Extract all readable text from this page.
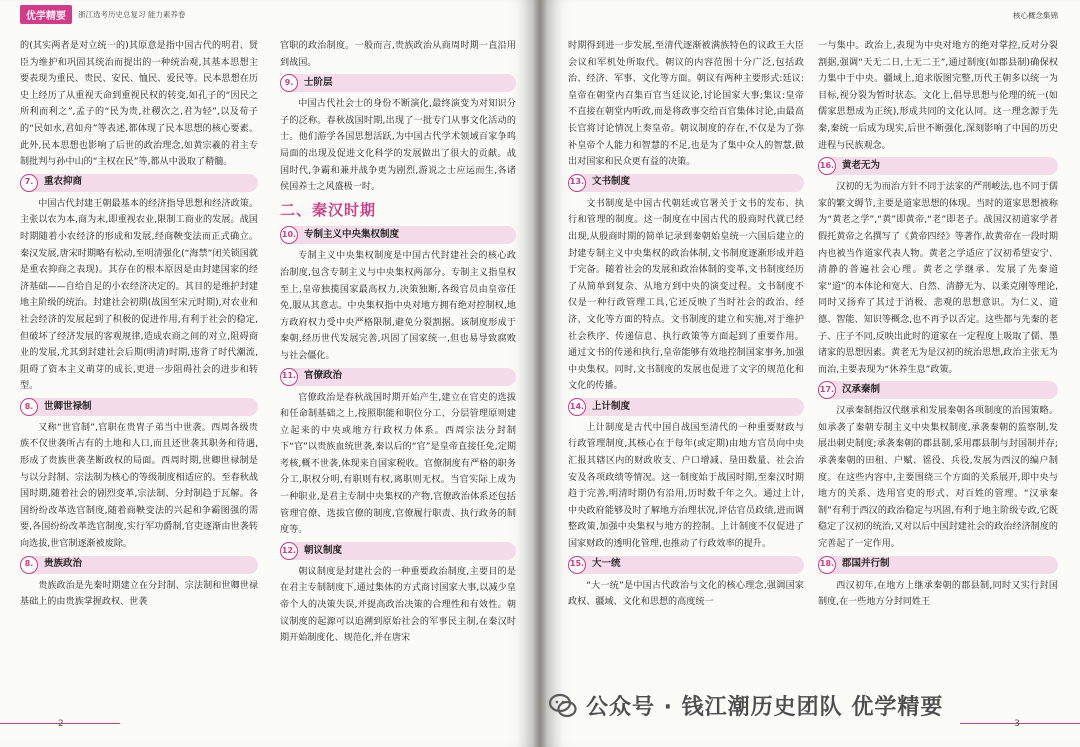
优学精要	浙江选考历史总复习 能力素养卷

的(其实两者是对立统一的)其原意是指中国古代的明君、贤臣为维护和巩固其统治而提出的一种统治观,其基本思想主要表现为重民、贵民、安民、恤民、爱民等。民本思想在历史上经历了从重视天命到重视民权的转变,如孔子的“因民之所利而利之”,孟子的“民为贵,社稷次之,君为轻”,以及荀子的“民如水,君如舟”等表述,都体现了民本思想的核心要素。此外,民本思想也影响了后世的政治理念,如黄宗羲的君主专制批判与孙中山的“主权在民”等,都从中汲取了精髓。

7.	重农抑商

中国古代封建王朝最基本的经济指导思想和经济政策。主张以农为本,商为末,即重视农业,限制工商业的发展。战国时期随着小农经济的形成和发展,经商鞅变法而正式确立。秦汉发展,唐宋时期略有松动,至明清强化(“海禁”闭关锁国就是重农抑商之表现)。其存在的根本原因是由封建国家的经济基础——自给自足的小农经济决定的。其目的是维护封建地主阶级的统治。封建社会初期(战国至宋元时期),对农业和社会经济的发展起到了积极的促进作用,有利于社会的稳定,但破坏了经济发展的客观规律,造成农商之间的对立,阻碍商业的发展,尤其到封建社会后期(明清)时期,违背了时代潮流,阻碍了资本主义萌芽的成长,更进一步阻碍社会的进步和转型。

8.	世卿世禄制

又称“世官制”,官职在贵胄子弟当中世袭。西周各级贵族不仅世袭所占有的土地和人口,而且还世袭其职务和待遇,形成了贵族世袭垄断政权的局面。西周时期,世卿世禄制是与以分封制、宗法制为核心的等级制度相适应的。至春秋战国时期,随着社会的剧烈变革,宗法制、分封制趋于瓦解。各国纷纷改革选官制度,随着商鞅变法的兴起和争霸图强的需要,各国纷纷改革选官制度,实行军功爵制,官吏逐渐由世袭转向选拔,世官制逐渐被废除。

8.	贵族政治

贵族政治是先秦时期建立在分封制、宗法制和世卿世禄基础上的由贵族掌握政权、世袭

官职的政治制度。一般而言,贵族政治从商周时期一直沿用到战国。

9.	士阶层

中国古代社会士的身份不断演化,最终演变为对知识分子的泛称。春秋战国时期,出现了一批专门从事文化活动的士。他们游学各国思想活跃,为中国古代学术领域百家争鸣局面的出现及促进文化科学的发展做出了很大的贡献。战国时代,争霸和兼并战争更为剧烈,游说之士应运而生,各诸侯国养士之风盛极一时。

二、秦汉时期
10. 专制主义中央集权制度

专制主义中央集权制度是中国古代封建社会的核心政治制度,包含专制主义与中央集权两部分。专制主义指皇权至上,皇帝独揽国家最高权力,决策独断,各级官员由皇帝任免,服从其意志。中央集权指中央对地方拥有绝对控制权,地方政府权力受中央严格限制,避免分裂割据。该制度形成于秦朝,经历世代发展完善,巩固了国家统一,但也易导致腐败与社会僵化。

11. 官僚政治

官僚政治是春秋战国时期开始产生,建立在官吏的选拔和任命制基础之上,按照职能和职位分工、分层管理原则建立起来的中央或地方行政权力体系。西周宗法分封制下“官”以贵族血统世袭,秦以后的“官”是皇帝直接任免,定期考核,概不世袭,体现来自国家税收。官僚制度有严格的职务分工,职权分明,有职则有权,离职则无权。当官实际上成为一种职业,是君主专制中央集权的产物,官僚政治体系还包括管理官僚、选拔官僚的制度,官僚履行职责、执行政务的制度等。

12. 朝议制度

朝议制度是封建社会的一种重要政治制度,主要目的是在君主专制制度下,通过集体的方式商讨国家大事,以减少皇帝个人的决策失误,并提高政治决策的合理性和有效性。朝议制度的起源可以追溯到原始社会的军事民主制,在秦汉时期开始制度化、规范化,并在唐宋

2
核心概念集锦

时期得到进一步发展,至清代逐渐被满族特色的议政王大臣会议和军机处所取代。朝议的内容范围十分广泛,包括政治、经济、军事、文化等方面。朝议有两种主要形式:廷议:皇帝在朝堂内召集百官当廷议论,讨论国家大事;集议:皇帝不直接在朝堂内听政,而是将政事交给百官集体讨论,由最高长官将讨论情况上奏皇帝。朝议制度的存在,不仅是为了弥补皇帝个人能力和智慧的不足,也是为了集中众人的智慧,做出对国家和民众更有益的决策。

13. 文书制度

文书制度是中国古代朝廷或官署关于文书的发布、执行和管理的制度。这一制度在中国古代的殷商时代就已经出现,从殷商时期的简单记录到秦朝始皇统一六国后建立的封建专制主义中央集权的政治体制,文书制度逐渐形成并趋于完备。随着社会的发展和政治体制的变革,文书制度经历了从简单到复杂、从地方到中央的演变过程。文书制度不仅是一种行政管理工具,它还反映了当时社会的政治、经济、文化等方面的特点。文书制度的建立和实施,对于维护社会秩序、传递信息、执行政策等方面起到了重要作用。通过文书的传递和执行,皇帝能够有效地控制国家事务,加强中央集权。同时,文书制度的发展也促进了文字的规范化和文化的传播。

14. 上计制度

上计制度是古代中国自战国至清代的一种重要财政与行政管理制度,其核心在于每年(或定期)由地方官员向中央汇报其辖区内的财政收支、户口增减、垦田数量、社会治安及各项政绩等情况。这一制度始于战国时期,至秦汉时期趋于完善,明清时期仍有沿用,历时数千年之久。通过上计,中央政府能够及时了解地方治理状况,评估官员政绩,进而调整政策,加强中央集权与地方的控制。上计制度不仅促进了国家财政的透明化管理,也推动了行政效率的提升。

15. 大一统

“大一统”是中国古代政治与文化的核心理念,强调国家政权、疆域、文化和思想的高度统一

一与集中。政治上,表现为中央对地方的绝对掌控,反对分裂割据,强调“天无二日,土无二王”,通过制度(如郡县制)确保权力集中于中央。疆域上,追求版图完整,历代王朝多以统一为目标,视分裂为暂时状态。文化上,倡导思想与伦理的统一(如儒家思想成为正统),形成共同的文化认同。这一理念源于先秦,秦统一后成为现实,后世不断强化,深刻影响了中国的历史进程与民族观念。

16. 黄老无为

汉初的无为而治方针不同于法家的严刑峻法,也不同于儒家的繁文缛节,主要是道家思想的体现。当时的道家思想被称为“黄老之学”,“黄”即黄帝,“老”即老子。战国汉初道家学者假托黄帝之名撰写了《黄帝四经》等著作,故黄帝在一段时期内也被当作道家代表人物。黄老之学适应了汉初希望安宁、清静的普遍社会心理。黄老之学继承、发展了先秦道家“道”的本体论和宽大、自然、清静无为、以柔克刚等理论,同时又扬弃了其过于消极、悲观的思想意识。为仁义、道德、智能、知识等概念,也不再予以否定。这些都与先秦的老子、庄子不同,反映出此时的道家在一定程度上吸取了儒、墨诸家的思想因素。黄老无为是汉初的统治思想,政治主张无为而治,主要表现为“休养生息”政策。

17. 汉承秦制

汉承秦制指汉代继承和发展秦朝各项制度的治国策略。如承袭了秦朝专制主义中央集权制度,承袭秦朝的监察制,发展出刺史制度;承袭秦朝的郡县制,采用郡县制与封国制并存;承袭秦朝的田租、户赋、徭役、兵役,发展为西汉的编户制度。在这些内容中,主要围绕三个方面的关系展开,即中央与地方的关系、选用官吏的形式、对百姓的管理。“汉承秦制”有利于西汉的政治稳定与巩固,有利于地主阶级专政,它既稳定了汉初的统治,又对以后中国封建社会的政治经济制度的完善起了一定作用。

18. 郡国并行制

西汉初年,在地方上继承秦朝的郡县制,同时又实行封国制度,在一些地方分封同姓王

3
公众号 · 钱江潮历史团队 优学精要
